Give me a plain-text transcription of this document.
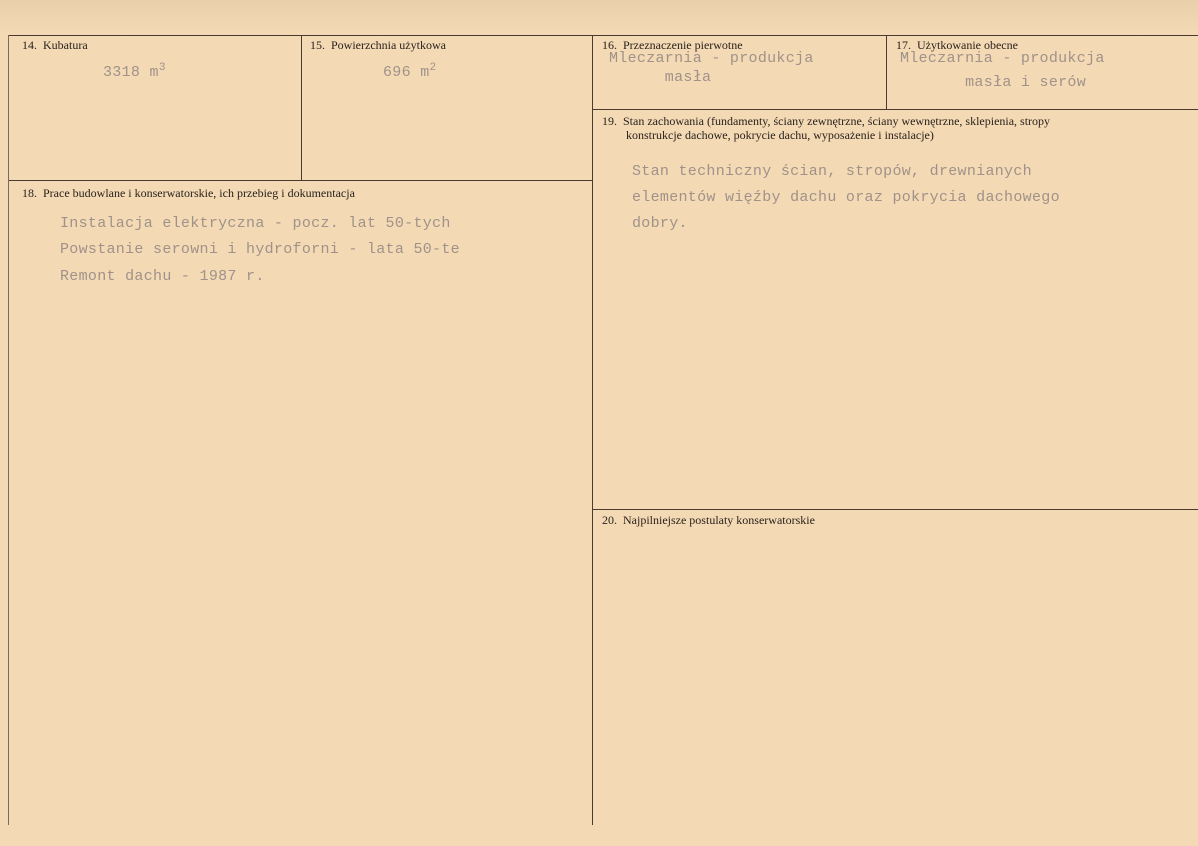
14. Kubatura
3318 $m^3$
15. Powierzchnia użytkowa
696 $m^2$
16. Przeznaczenie pierwotne
Mleczarnia - produkcja
masła
17. Użytkowanie obecne
Mleczarnia - produkcja
masła i serów
18. Prace budowlane i konserwatorskie, ich przebieg i dokumentacja
Instalacja elektryczna - pocz. lat 50-tych
Powstanie serowni i hydroforni - lata 50-te
Remont dachu - 1987 r.
19. Stan zachowania (fundamenty, ściany zewnętrzne, ściany wewnętrzne, sklepienia, stropy
konstrukcje dachowe, pokrycie dachu, wyposażenie i instalacje)
Stan techniczny ścian, stropów, drewnianych
elementów więźby dachu oraz pokrycia dachowego
dobry.
20. Najpilniejsze postulaty konserwatorskie
